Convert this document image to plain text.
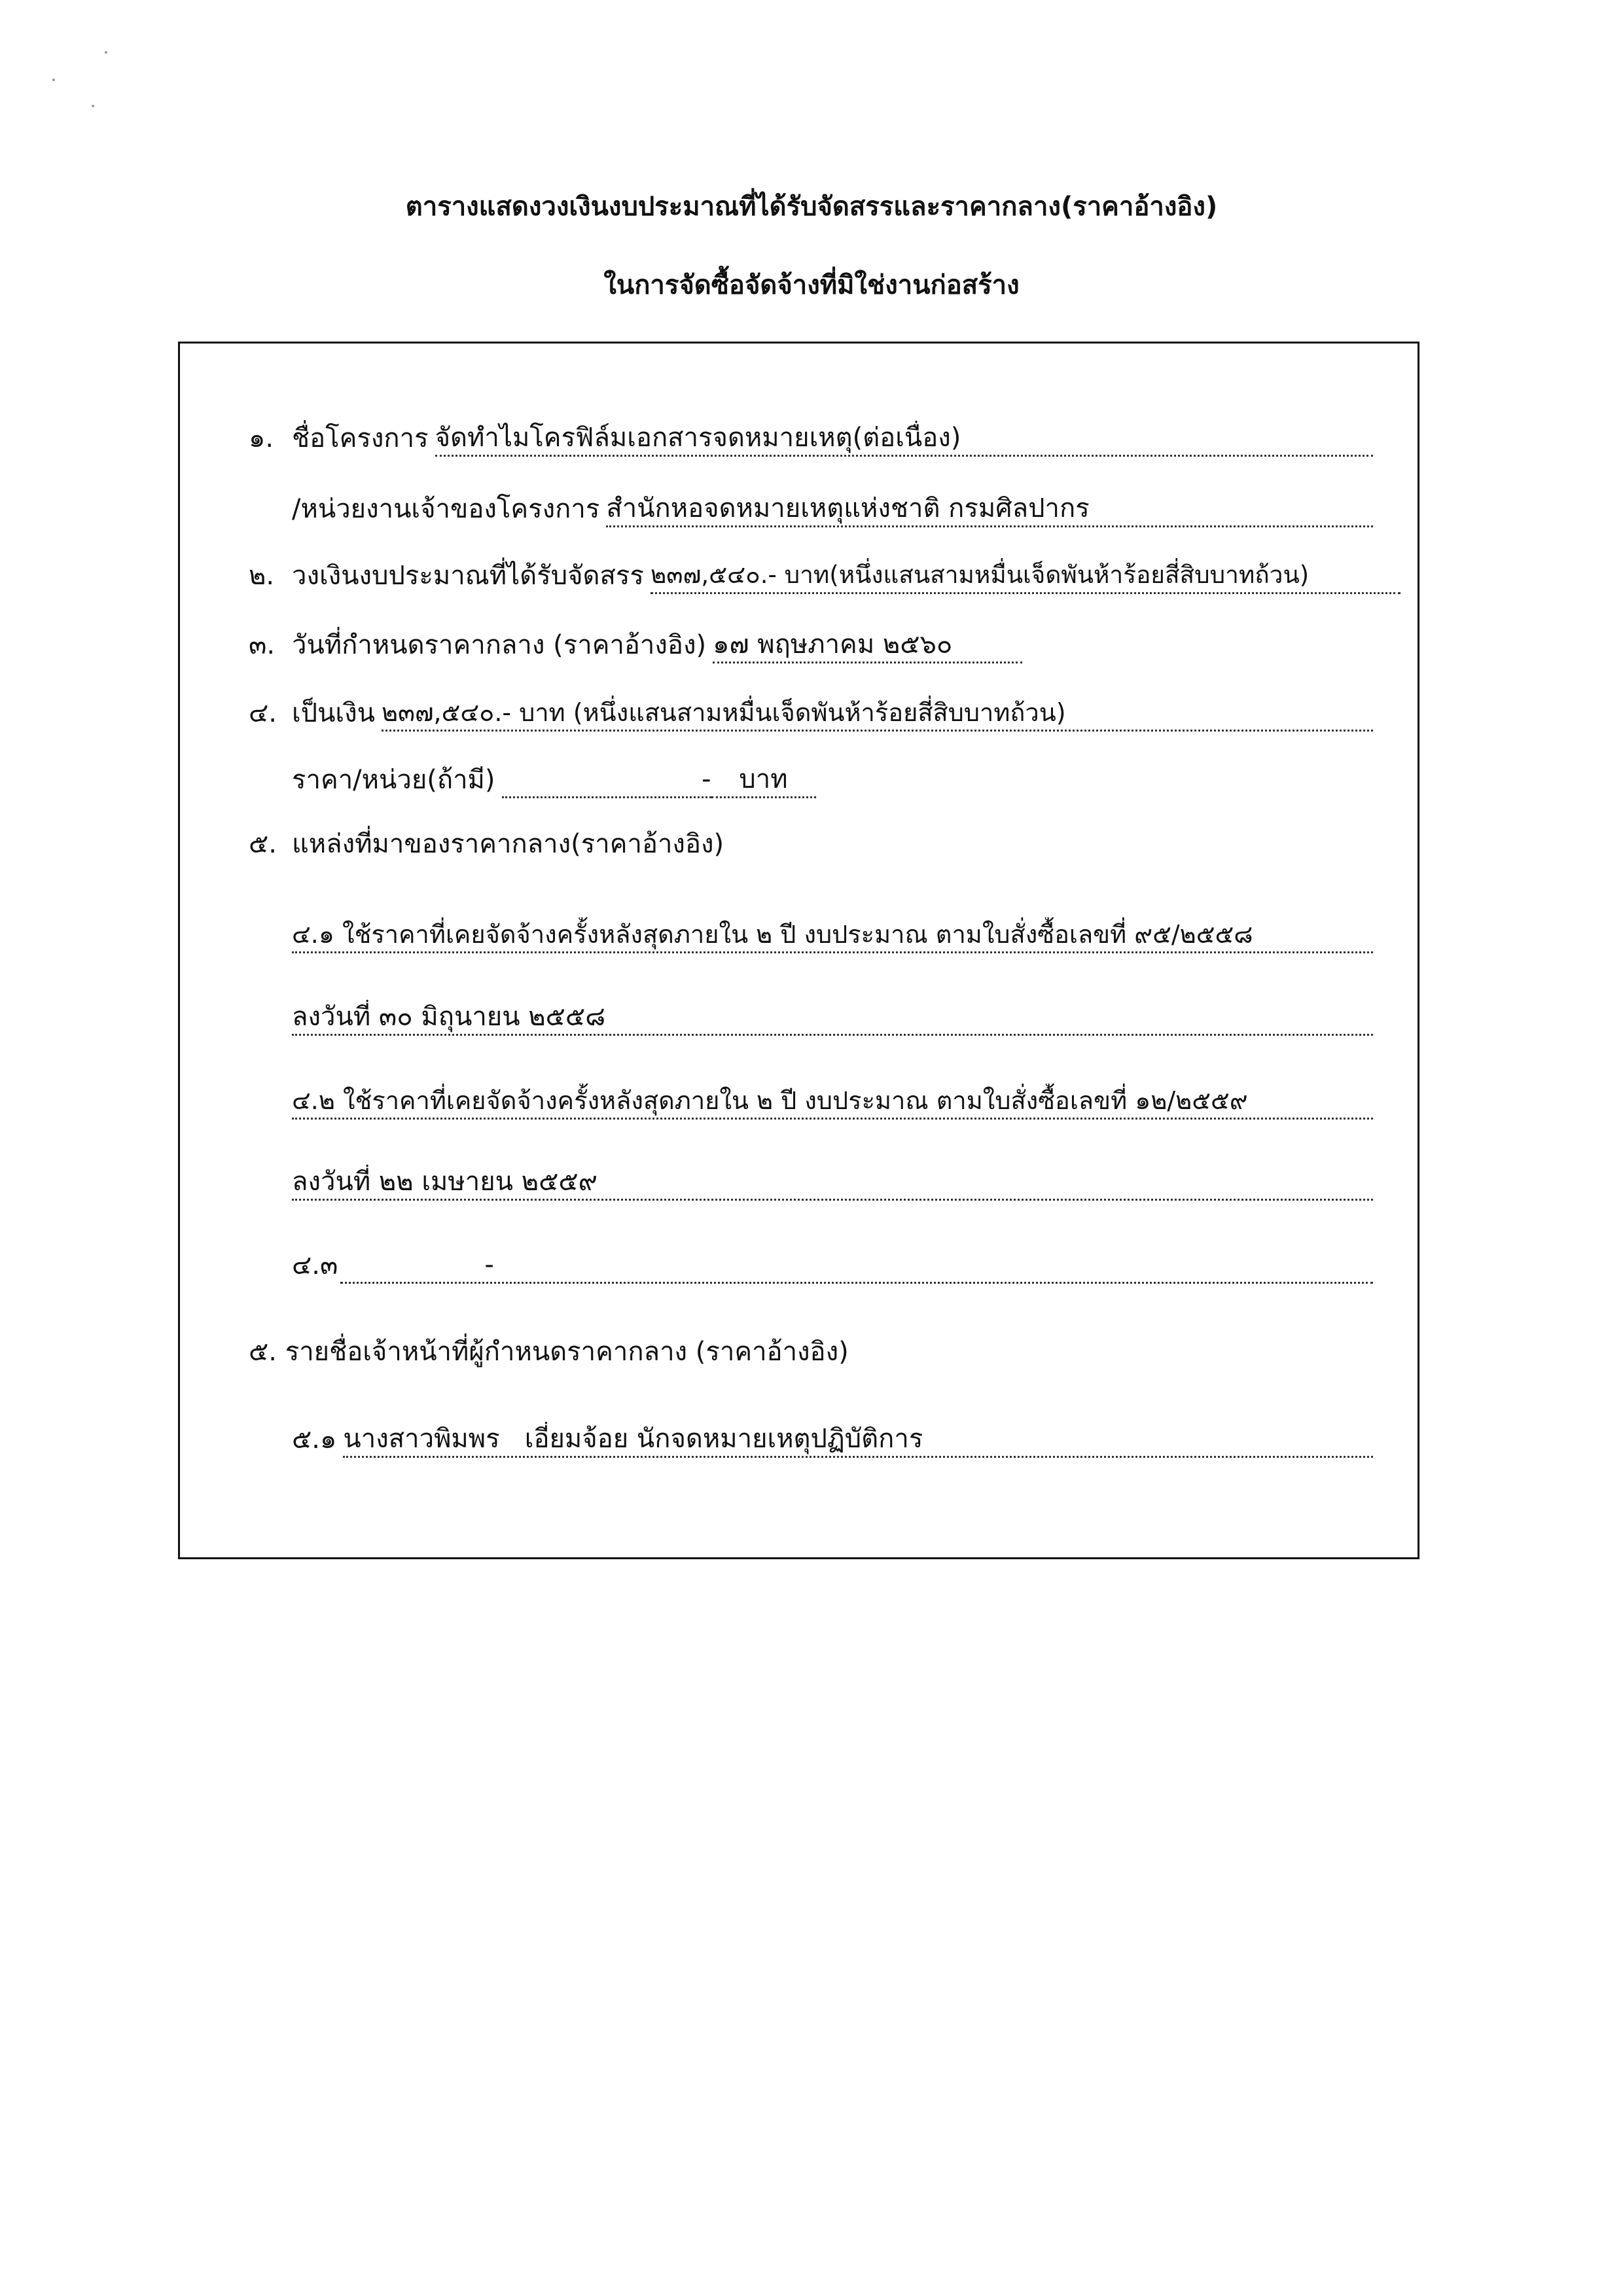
ตารางแสดงวงเงินงบประมาณที่ได้รับจัดสรรและราคากลาง(ราคาอ้างอิง)
ในการจัดซื้อจัดจ้างที่มิใช่งานก่อสร้าง
๑. ชื่อโครงการ จัดทำไมโครฟิล์มเอกสารจดหมายเหตุ(ต่อเนื่อง)
/หน่วยงานเจ้าของโครงการ สำนักหอจดหมายเหตุแห่งชาติ กรมศิลปากร
๒. วงเงินงบประมาณที่ได้รับจัดสรร ๒๓๗,๕๔๐.- บาท(หนึ่งแสนสามหมื่นเจ็ดพันห้าร้อยสี่สิบบาทถ้วน)
๓. วันที่กำหนดราคากลาง (ราคาอ้างอิง) ๑๗ พฤษภาคม ๒๕๖๐
๔. เป็นเงิน ๒๓๗,๕๔๐.- บาท (หนึ่งแสนสามหมื่นเจ็ดพันห้าร้อยสี่สิบบาทถ้วน)
ราคา/หน่วย(ถ้ามี)	-	บาท
๕. แหล่งที่มาของราคากลาง(ราคาอ้างอิง)
๔.๑ ใช้ราคาที่เคยจัดจ้างครั้งหลังสุดภายใน ๒ ปี งบประมาณ ตามใบสั่งซื้อเลขที่ ๙๕/๒๕๕๘
ลงวันที่ ๓๐ มิถุนายน ๒๕๕๘
๔.๒ ใช้ราคาที่เคยจัดจ้างครั้งหลังสุดภายใน ๒ ปี งบประมาณ ตามใบสั่งซื้อเลขที่ ๑๒/๒๕๕๙
ลงวันที่ ๒๒ เมษายน ๒๕๕๙
๔.๓	-
๕. รายชื่อเจ้าหน้าที่ผู้กำหนดราคากลาง (ราคาอ้างอิง)
๕.๑ นางสาวพิมพร   เอี่ยมจ้อย นักจดหมายเหตุปฏิบัติการ
